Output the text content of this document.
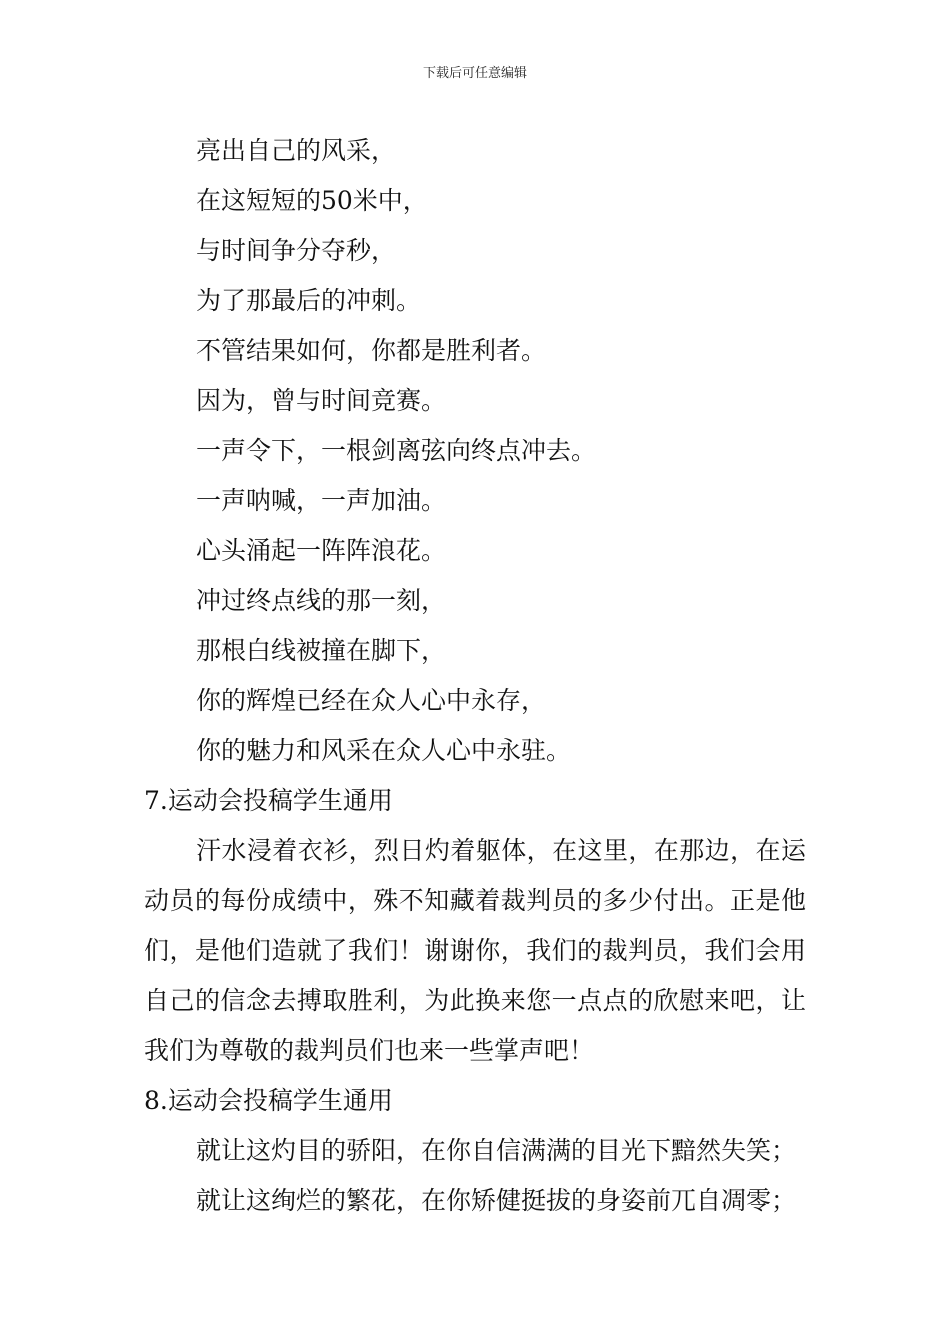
下载后可任意编辑
亮出自己的风采，
在这短短的50米中，
与时间争分夺秒，
为了那最后的冲刺。
不管结果如何，你都是胜利者。
因为，曾与时间竞赛。
一声令下，一根剑离弦向终点冲去。
一声呐喊，一声加油。
心头涌起一阵阵浪花。
冲过终点线的那一刻，
那根白线被撞在脚下，
你的辉煌已经在众人心中永存，
你的魅力和风采在众人心中永驻。
7.运动会投稿学生通用
汗水浸着衣衫，烈日灼着躯体，在这里，在那边，在运动员的每份成绩中，殊不知藏着裁判员的多少付出。正是他们，是他们造就了我们！谢谢你，我们的裁判员，我们会用自己的信念去搏取胜利，为此换来您一点点的欣慰来吧，让我们为尊敬的裁判员们也来一些掌声吧！
8.运动会投稿学生通用
就让这灼目的骄阳，在你自信满满的目光下黯然失笑；
就让这绚烂的繁花，在你矫健挺拔的身姿前兀自凋零；
